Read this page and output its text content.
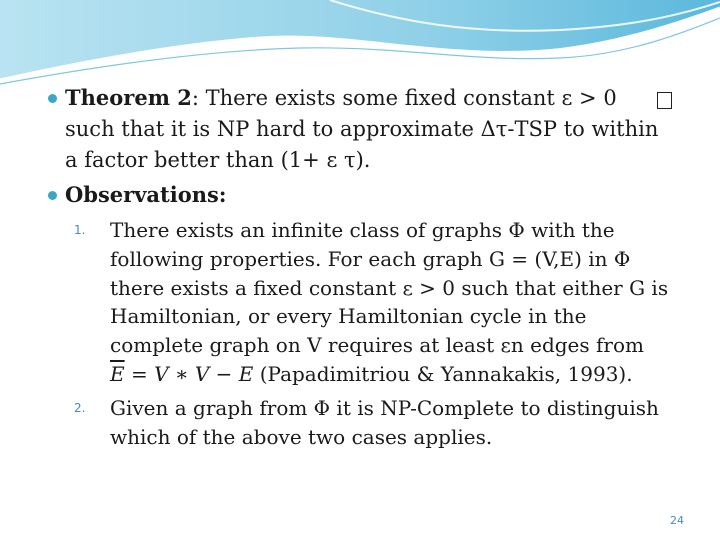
Theorem 2: There exists some fixed constant ε > 0
such that it is NP hard to approximate Δτ-TSP to within
a factor better than (1+ ε τ).
Observations:
1. There exists an infinite class of graphs Φ with the
following properties. For each graph G = (V,E) in Φ
there exists a fixed constant ε > 0 such that either G is
Hamiltonian, or every Hamiltonian cycle in the
complete graph on V requires at least εn edges from
$\overline{E} = V$ ∗ V − E (Papadimitriou & Yannakakis, 1993).
2. Given a graph from Φ it is NP-Complete to distinguish
which of the above two cases applies.
24
